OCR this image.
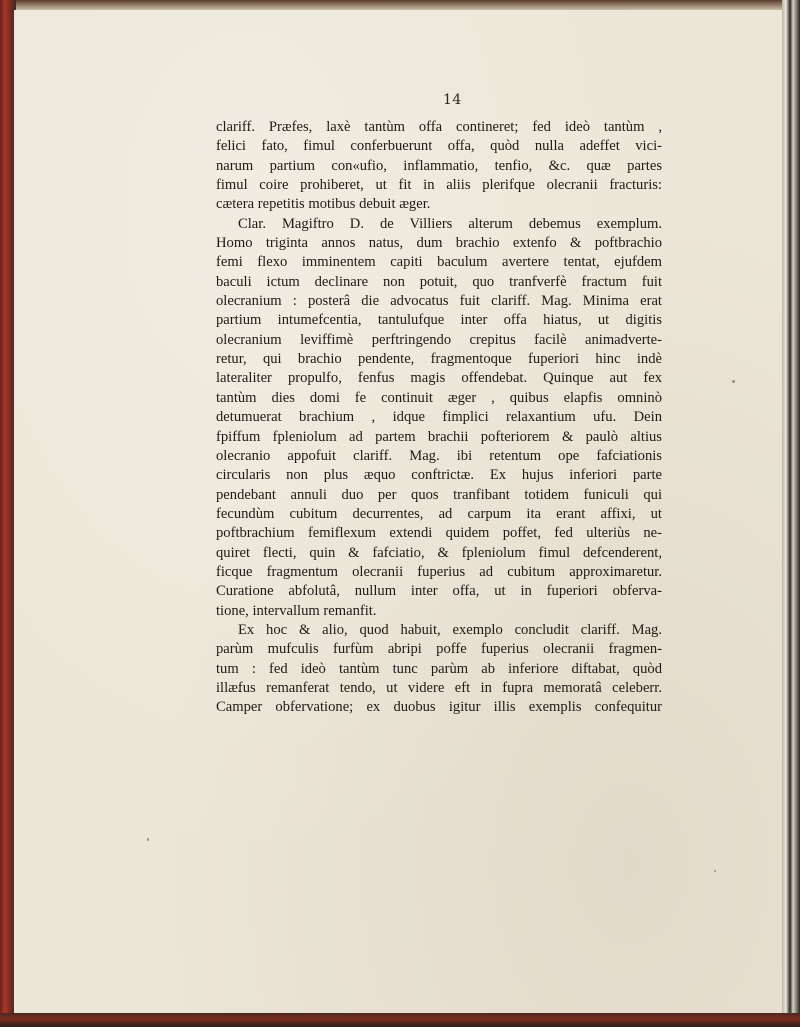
14
clariff. Præfes, laxè tantùm offa contineret; fed ideò tantùm ,
felici fato, fimul conferbuerunt offa, quòd nulla adeffet vici-
narum partium con«ufio, inflammatio, tenfio, &c. quæ partes
fimul coire prohiberet, ut fit in aliis plerifque olecranii fracturis:
cætera repetitis motibus debuit æger.
Clar. Magiftro D. de Villiers alterum debemus exemplum.
Homo triginta annos natus, dum brachio extenfo & poftbrachio
femi flexo imminentem capiti baculum avertere tentat, ejufdem
baculi ictum declinare non potuit, quo tranfverfè fractum fuit
olecranium : posterâ die advocatus fuit clariff. Mag. Minima erat
partium intumefcentia, tantulufque inter offa hiatus, ut digitis
olecranium leviffimè perftringendo crepitus facilè animadverte-
retur, qui brachio pendente, fragmentoque fuperiori hinc indè
lateraliter propulfo, fenfus magis offendebat. Quinque aut fex
tantùm dies domi fe continuit æger , quibus elapfis omninò
detumuerat brachium , idque fimplici relaxantium ufu. Dein
fpiffum fpleniolum ad partem brachii pofteriorem & paulò altius
olecranio appofuit clariff. Mag. ibi retentum ope fafciationis
circularis non plus æquo conftrictæ. Ex hujus inferiori parte
pendebant annuli duo per quos tranfibant totidem funiculi qui
fecundùm cubitum decurrentes, ad carpum ita erant affixi, ut
poftbrachium femiflexum extendi quidem poffet, fed ulteriùs ne-
quiret flecti, quin & fafciatio, & fpleniolum fimul defcenderent,
ficque fragmentum olecranii fuperius ad cubitum approximaretur.
Curatione abfolutâ, nullum inter offa, ut in fuperiori obferva-
tione, intervallum remanfit.
Ex hoc & alio, quod habuit, exemplo concludit clariff. Mag.
parùm mufculis furfùm abripi poffe fuperius olecranii fragmen-
tum : fed ideò tantùm tunc parùm ab inferiore diftabat, quòd
illæfus remanferat tendo, ut videre eft in fupra memoratâ celeberr.
Camper obfervatione; ex duobus igitur illis exemplis confequitur
